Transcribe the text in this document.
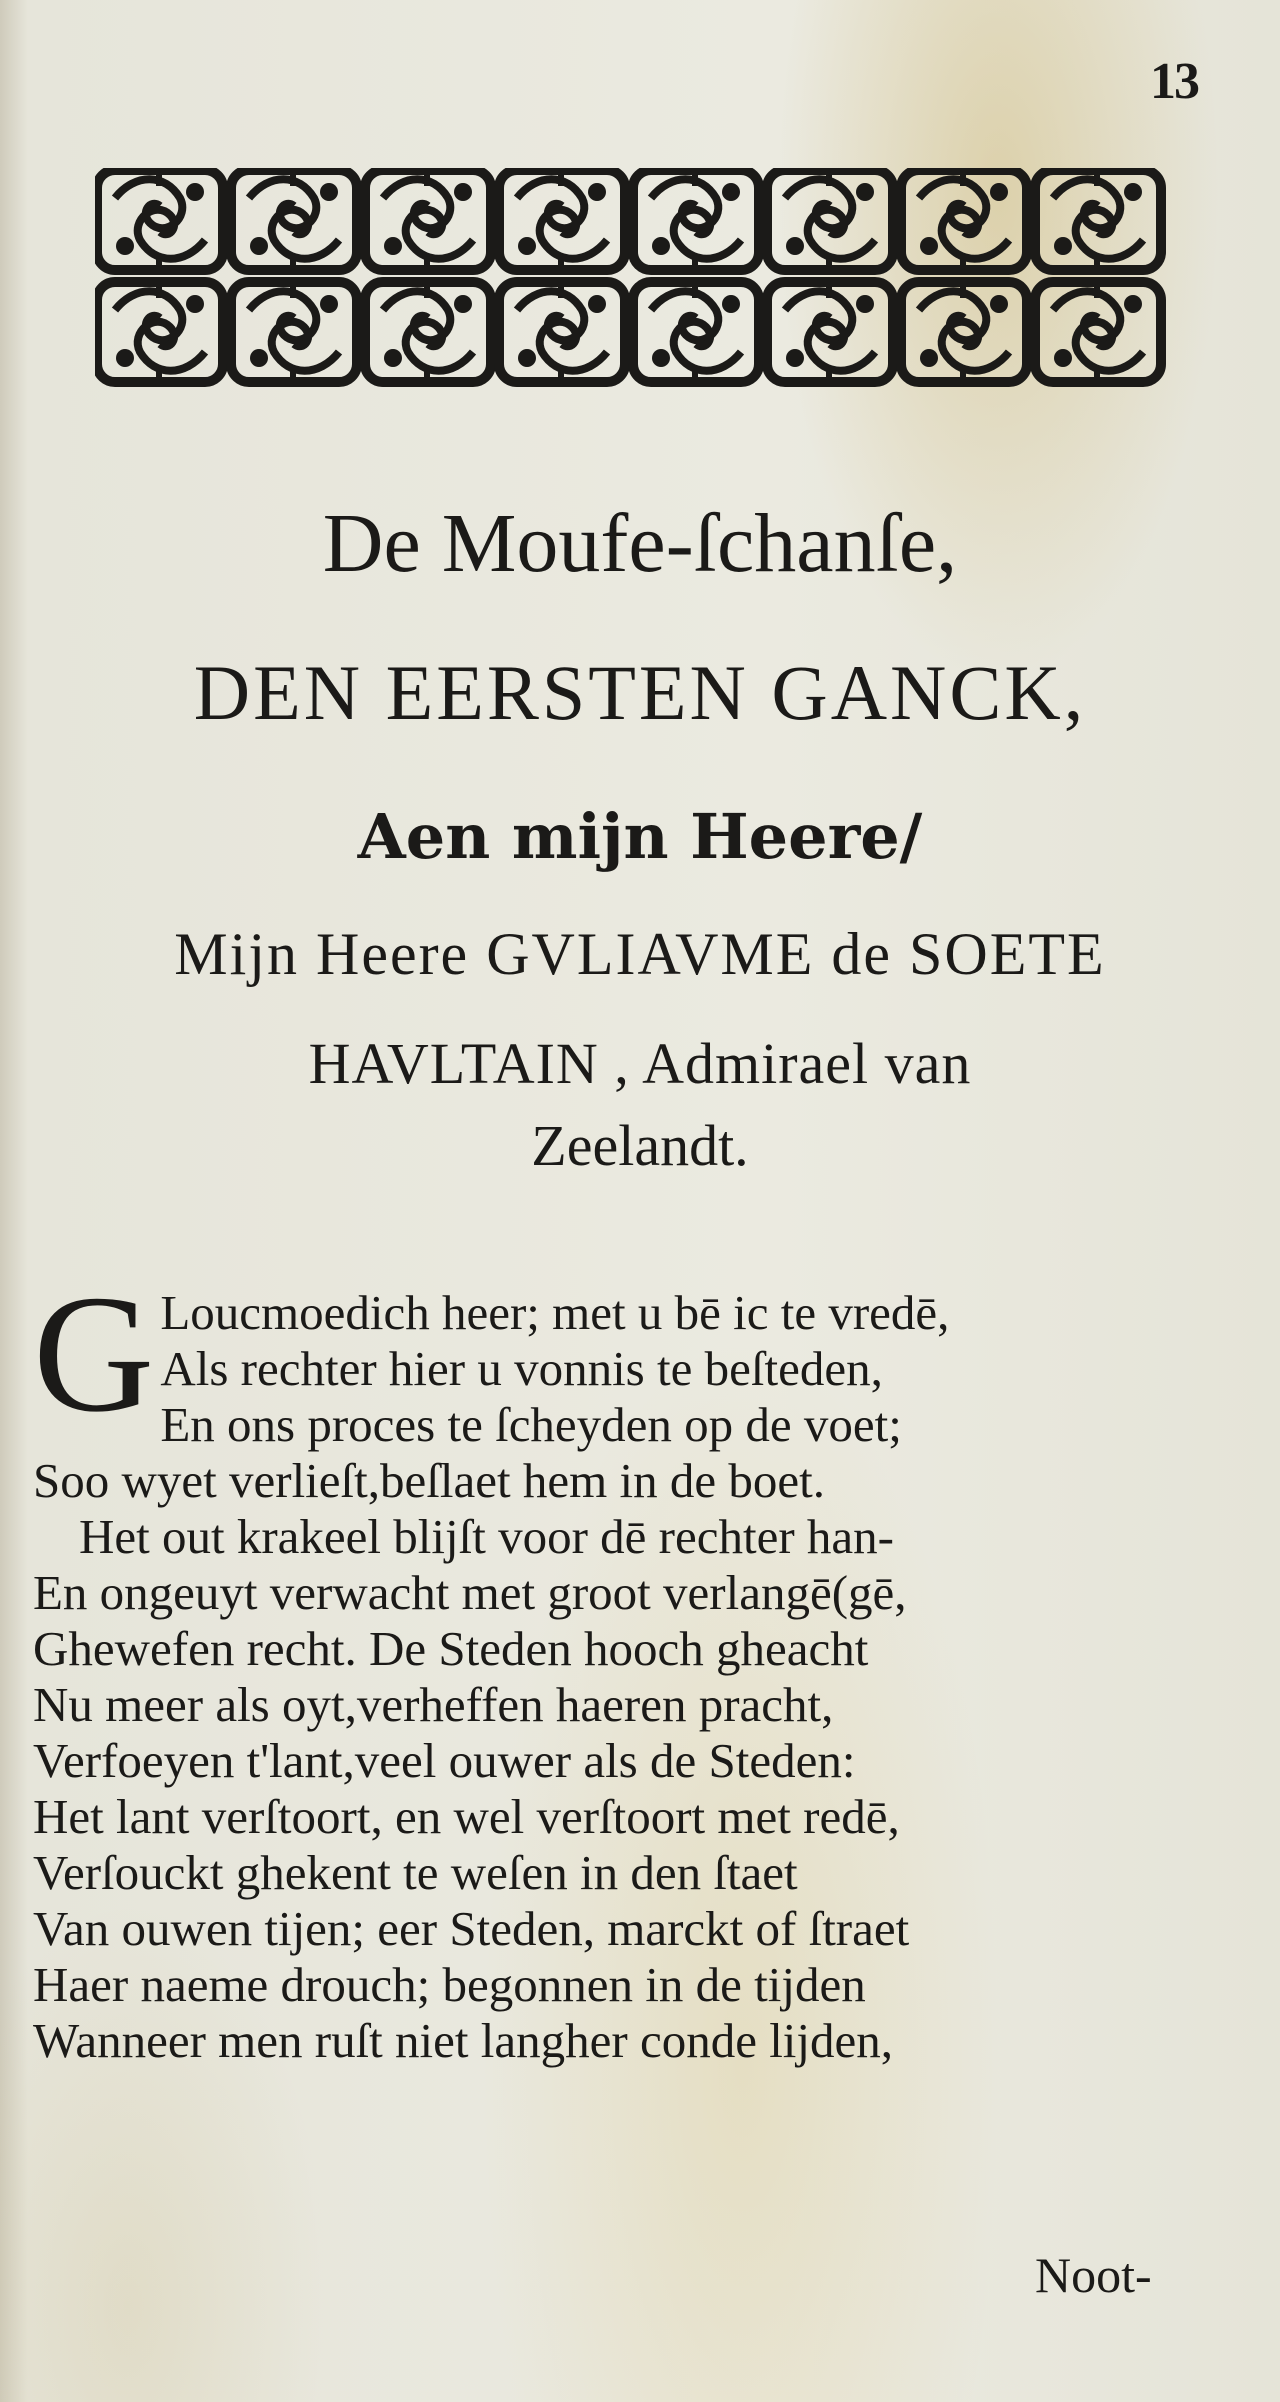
13
De Moufe-ſchanſe,
DEN EERSTEN GANCK,
Aen mijn Heere/
Mijn Heere GVLIAVME de SOETE
HAVLTAIN , Admirael van
Zeelandt.
G Loucmoedich heer; met u bē ic te vredē,
Als rechter hier u vonnis te beſteden,
En ons proces te ſcheyden op de voet;
Soo wyet verlieſt,beſlaet hem in de boet.
Het out krakeel blijſt voor dē rechter han-
En ongeuyt verwacht met groot verlangē(gē,
Ghewefen recht. De Steden hooch gheacht
Nu meer als oyt,verheffen haeren pracht,
Verfoeyen t'lant,veel ouwer als de Steden:
Het lant verſtoort, en wel verſtoort met redē,
Verſouckt ghekent te weſen in den ſtaet
Van ouwen tijen; eer Steden, marckt of ſtraet
Haer naeme drouch; begonnen in de tijden
Wanneer men ruſt niet langher conde lijden,
Noot-
